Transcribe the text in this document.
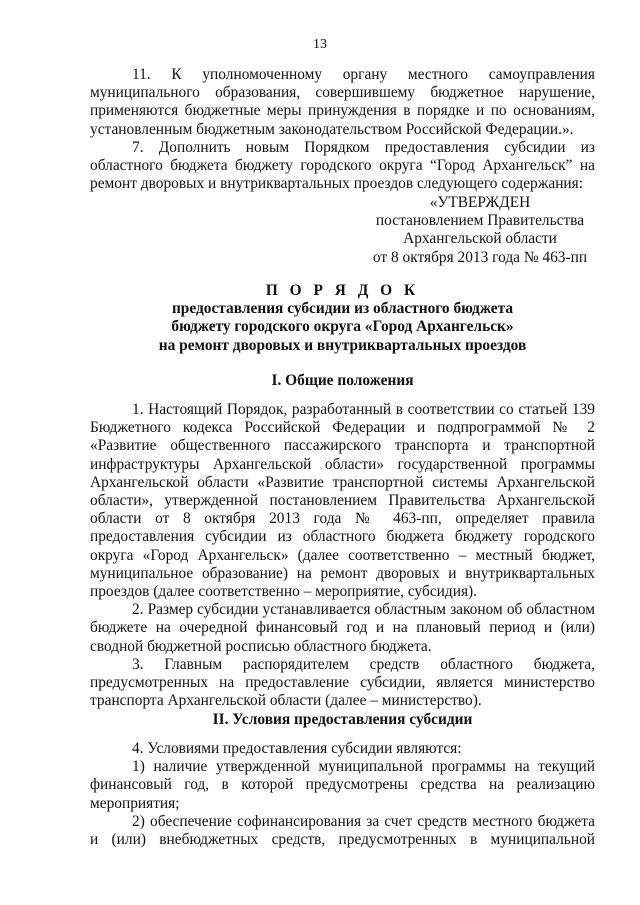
13

11. К уполномоченному органу местного самоуправления муниципального образования, совершившему бюджетное нарушение, применяются бюджетные меры принуждения в порядке и по основаниям, установленным бюджетным законодательством Российской Федерации.».

7. Дополнить новым Порядком предоставления субсидии из областного бюджета бюджету городского округа “Город Архангельск” на ремонт дворовых и внутриквартальных проездов следующего содержания:

«УТВЕРЖДЕН
постановлением Правительства
Архангельской области
от 8 октября 2013 года № 463-пп
П О Р Я Д О К
предоставления субсидии из областного бюджета
бюджету городского округа «Город Архангельск»
на ремонт дворовых и внутриквартальных проездов

I. Общие положения

1. Настоящий Порядок, разработанный в соответствии со статьей 139 Бюджетного кодекса Российской Федерации и подпрограммой № 2 «Развитие общественного пассажирского транспорта и транспортной инфраструктуры Архангельской области» государственной программы Архангельской области «Развитие транспортной системы Архангельской области», утвержденной постановлением Правительства Архангельской области от 8 октября 2013 года № 463-пп, определяет правила предоставления субсидии из областного бюджета бюджету городского округа «Город Архангельск» (далее соответственно – местный бюджет, муниципальное образование) на ремонт дворовых и внутриквартальных проездов (далее соответственно – мероприятие, субсидия).

2. Размер субсидии устанавливается областным законом об областном бюджете на очередной финансовый год и на плановый период и (или) сводной бюджетной росписью областного бюджета.

3. Главным распорядителем средств областного бюджета, предусмотренных на предоставление субсидии, является министерство транспорта Архангельской области (далее – министерство).

II. Условия предоставления субсидии

4. Условиями предоставления субсидии являются:

1) наличие утвержденной муниципальной программы на текущий финансовый год, в которой предусмотрены средства на реализацию мероприятия;

2) обеспечение софинансирования за счет средств местного бюджета и (или) внебюджетных средств, предусмотренных в муниципальной
